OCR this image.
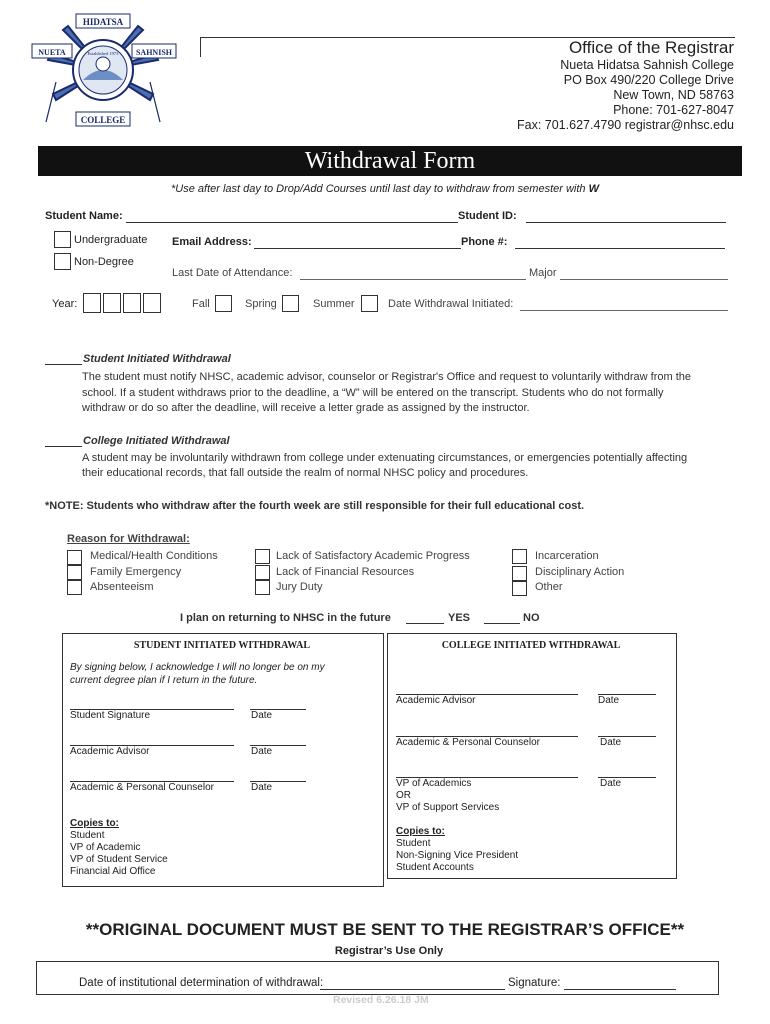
HIDATSA
NUETA	SAHNISH
COLLEGE
Established 1973	Office of the Registrar
Nueta Hidatsa Sahnish College
PO Box 490/220 College Drive
New Town, ND 58763
Phone: 701-627-8047
Fax: 701.627.4790 registrar@nhsc.edu
Withdrawal Form
*Use after last day to Drop/Add Courses until last day to withdraw from semester with W
Student Name:	Student ID:
Undergraduate
Non-Degree
Email Address:	Phone #:
Last Date of Attendance:	Major
Year:	Fall	Spring	Summer	Date Withdrawal Initiated:
Student Initiated Withdrawal
The student must notify NHSC, academic advisor, counselor or Registrar's Office and request to voluntarily withdraw from the
school. If a student withdraws prior to the deadline, a “W” will be entered on the transcript. Students who do not formally
withdraw or do so after the deadline, will receive a letter grade as assigned by the instructor.
College Initiated Withdrawal
A student may be involuntarily withdrawn from college under extenuating circumstances, or emergencies potentially affecting
their educational records, that fall outside the realm of normal NHSC policy and procedures.
*NOTE: Students who withdraw after the fourth week are still responsible for their full educational cost.
Reason for Withdrawal:
Medical/Health Conditions
Family Emergency
Absenteeism
Lack of Satisfactory Academic Progress
Lack of Financial Resources
Jury Duty
Incarceration
Disciplinary Action
Other
I plan on returning to NHSC in the future	YES	NO
STUDENT INITIATED WITHDRAWAL	COLLEGE INITIATED WITHDRAWAL
By signing below, I acknowledge I will no longer be on my
current degree plan if I return in the future.
Student Signature	Date
Academic Advisor	Date
Academic & Personal Counselor	Date
Copies to:
Student
VP of Academic
VP of Student Service
Financial Aid Office
Academic Advisor	Date
Academic & Personal Counselor	Date
VP of Academics
OR
VP of Support Services
Date
Copies to:
Student
Non-Signing Vice President
Student Accounts
**ORIGINAL DOCUMENT MUST BE SENT TO THE REGISTRAR’S OFFICE**
Registrar’s Use Only
Date of institutional determination of withdrawal:	Signature:
Revised 6.26.18 JM
